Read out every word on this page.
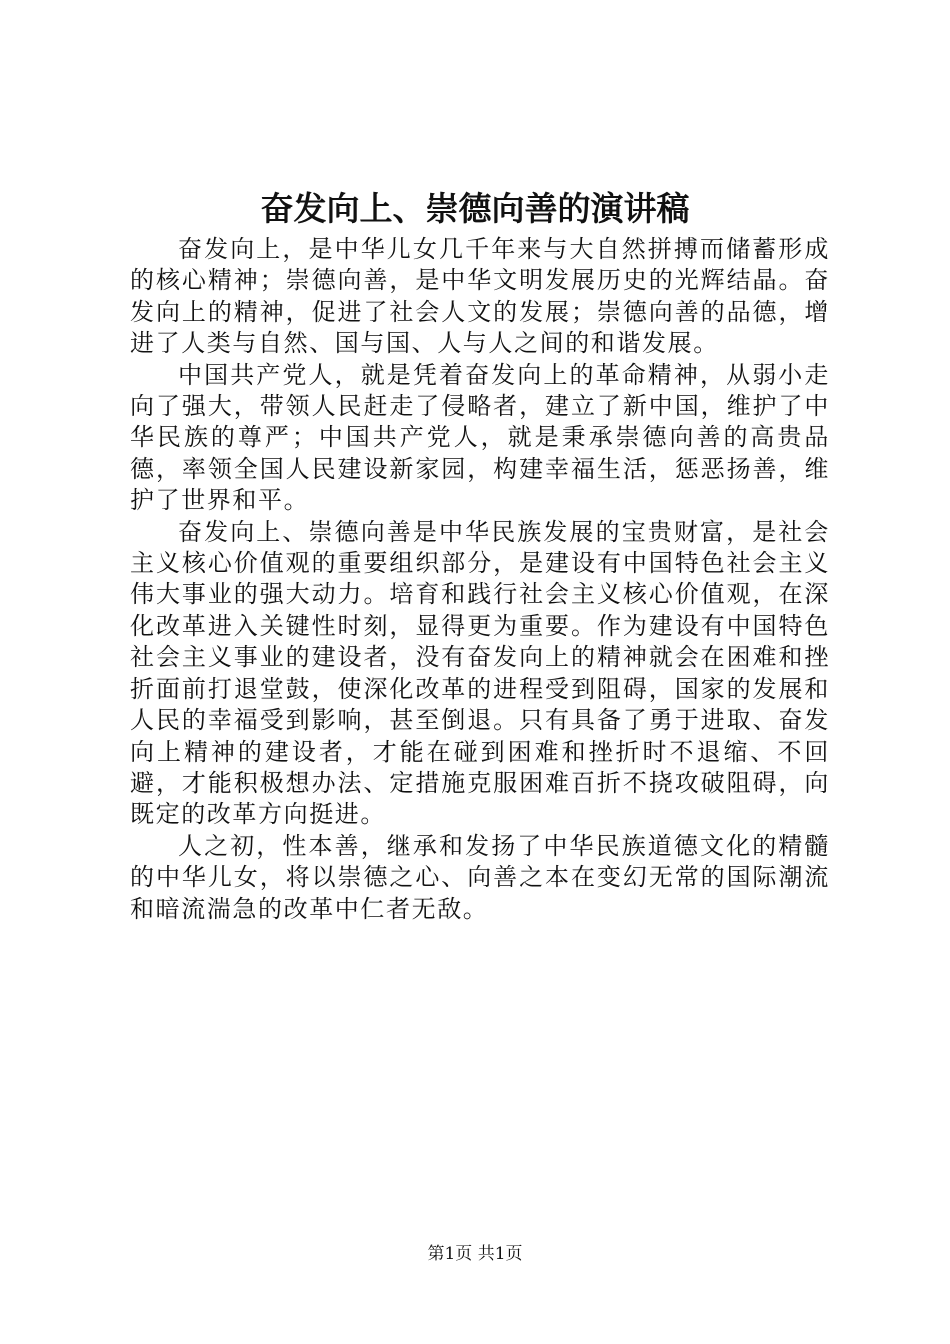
奋发向上、崇德向善的演讲稿

奋发向上，是中华儿女几千年来与大自然拼搏而储蓄形成的核心精神；崇德向善，是中华文明发展历史的光辉结晶。奋发向上的精神，促进了社会人文的发展；崇德向善的品德，增进了人类与自然、国与国、人与人之间的和谐发展。

中国共产党人，就是凭着奋发向上的革命精神，从弱小走向了强大，带领人民赶走了侵略者，建立了新中国，维护了中华民族的尊严；中国共产党人，就是秉承崇德向善的高贵品德，率领全国人民建设新家园，构建幸福生活，惩恶扬善，维护了世界和平。

奋发向上、崇德向善是中华民族发展的宝贵财富，是社会主义核心价值观的重要组织部分，是建设有中国特色社会主义伟大事业的强大动力。培育和践行社会主义核心价值观，在深化改革进入关键性时刻，显得更为重要。作为建设有中国特色社会主义事业的建设者，没有奋发向上的精神就会在困难和挫折面前打退堂鼓，使深化改革的进程受到阻碍，国家的发展和人民的幸福受到影响，甚至倒退。只有具备了勇于进取、奋发向上精神的建设者，才能在碰到困难和挫折时不退缩、不回避，才能积极想办法、定措施克服困难百折不挠攻破阻碍，向既定的改革方向挺进。

人之初，性本善，继承和发扬了中华民族道德文化的精髓的中华儿女，将以崇德之心、向善之本在变幻无常的国际潮流和暗流湍急的改革中仁者无敌。

第1页 共1页
